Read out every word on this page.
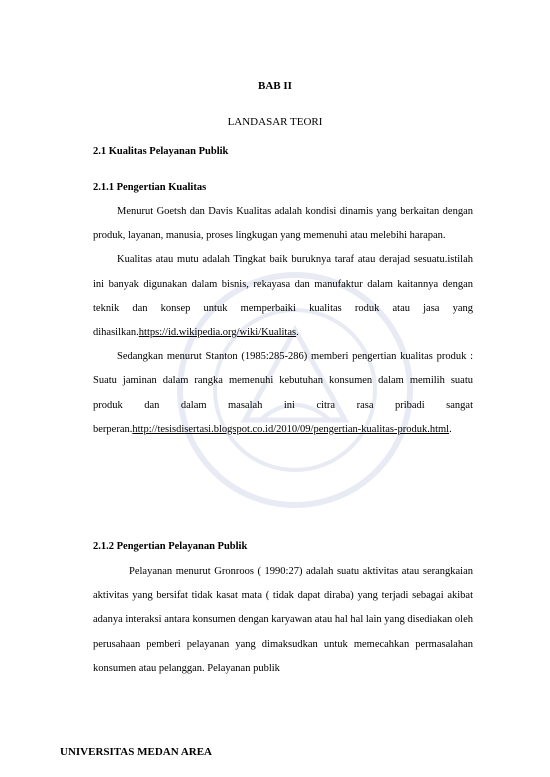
BAB II
LANDASAR TEORI
2.1 Kualitas Pelayanan Publik
2.1.1 Pengertian Kualitas

Menurut Goetsh dan Davis Kualitas adalah kondisi dinamis yang berkaitan dengan produk, layanan, manusia, proses lingkugan yang memenuhi atau melebihi harapan.

Kualitas atau mutu adalah Tingkat baik buruknya taraf atau derajad sesuatu.istilah ini banyak digunakan dalam bisnis, rekayasa dan manufaktur dalam kaitannya dengan teknik dan konsep untuk memperbaiki kualitas roduk atau jasa yang dihasilkan.https://id.wikipedia.org/wiki/Kualitas.

Sedangkan menurut Stanton (1985:285-286) memberi pengertian kualitas produk : Suatu jaminan dalam rangka memenuhi kebutuhan konsumen dalam memilih suatu produk dan dalam masalah ini citra rasa pribadi sangat berperan.http://tesisdisertasi.blogspot.co.id/2010/09/pengertian-kualitas-produk.html.

2.1.2 Pengertian Pelayanan Publik

Pelayanan menurut Gronroos ( 1990:27) adalah suatu aktivitas atau serangkaian aktivitas yang bersifat tidak kasat mata ( tidak dapat diraba) yang terjadi sebagai akibat adanya interaksi antara konsumen dengan karyawan atau hal hal lain yang disediakan oleh perusahaan pemberi pelayanan yang dimaksudkan untuk memecahkan permasalahan konsumen atau pelanggan. Pelayanan publik

UNIVERSITAS MEDAN AREA
